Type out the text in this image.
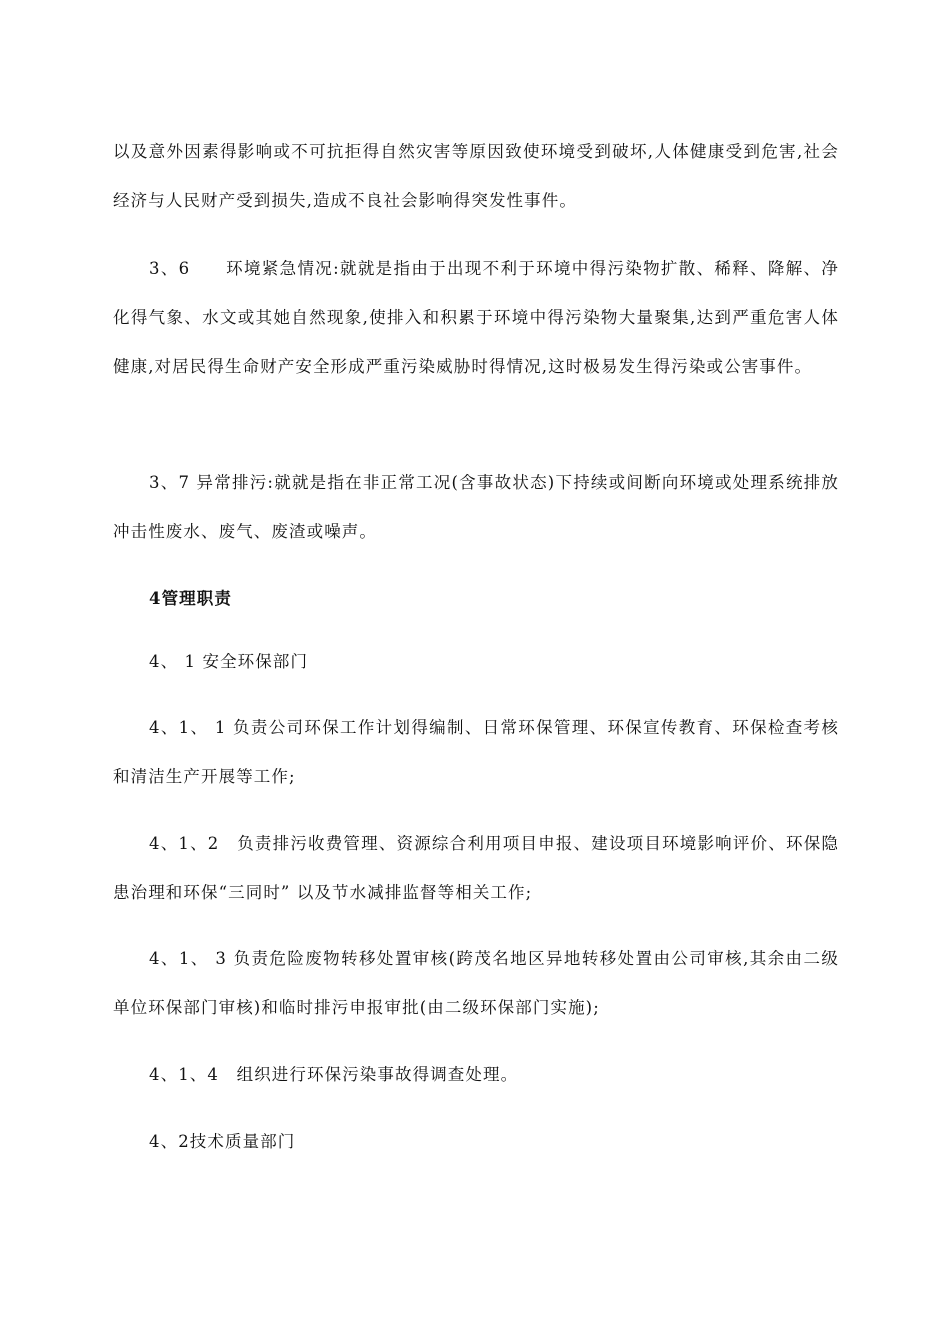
以及意外因素得影响或不可抗拒得自然灾害等原因致使环境受到破坏,人体健康受到危害,社会经济与人民财产受到损失,造成不良社会影响得突发性事件。

3、6　　环境紧急情况:就就是指由于出现不利于环境中得污染物扩散、稀释、降解、净化得气象、水文或其她自然现象,使排入和积累于环境中得污染物大量聚集,达到严重危害人体健康,对居民得生命财产安全形成严重污染威胁时得情况,这时极易发生得污染或公害事件。

3、7 异常排污:就就是指在非正常工况(含事故状态)下持续或间断向环境或处理系统排放冲击性废水、废气、废渣或噪声。

4管理职责

4、 1 安全环保部门

4、1、 1 负责公司环保工作计划得编制、日常环保管理、环保宣传教育、环保检查考核和清洁生产开展等工作;

4、1、2　负责排污收费管理、资源综合利用项目申报、建设项目环境影响评价、环保隐患治理和环保“三同时” 以及节水减排监督等相关工作;

4、1、 3 负责危险废物转移处置审核(跨茂名地区异地转移处置由公司审核,其余由二级单位环保部门审核)和临时排污申报审批(由二级环保部门实施);

4、1、4　组织进行环保污染事故得调查处理。

4、2技术质量部门
